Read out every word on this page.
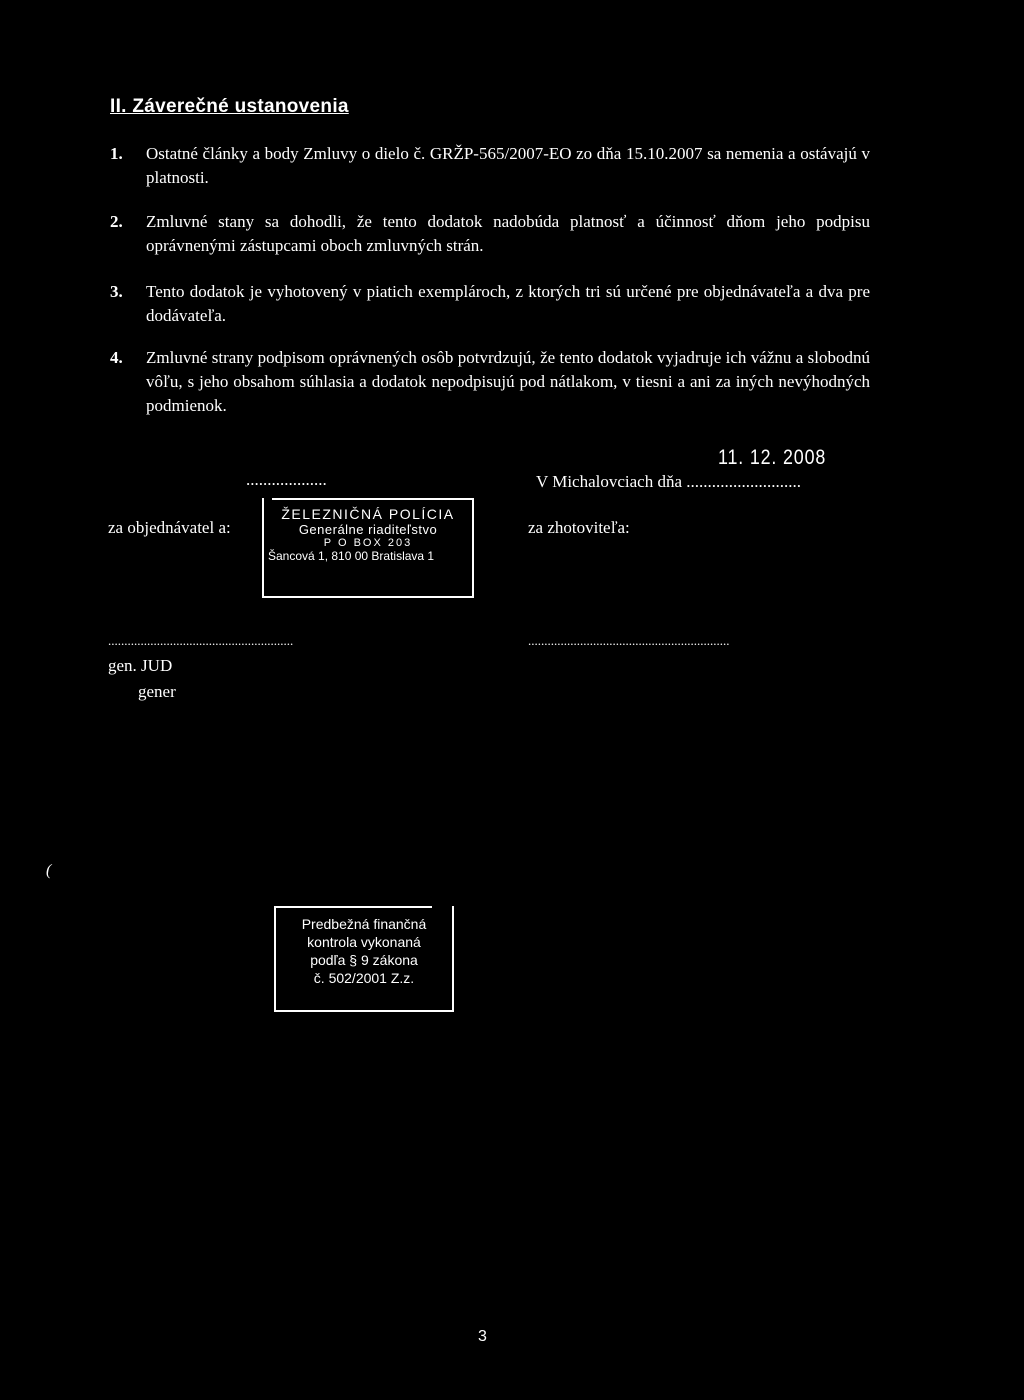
II. Záverečné ustanovenia
1. Ostatné články a body Zmluvy o dielo č. GRŽP-565/2007-EO zo dňa 15.10.2007 sa nemenia a ostávajú v platnosti.
2. Zmluvné stany sa dohodli, že tento dodatok nadobúda platnosť a účinnosť dňom jeho podpisu oprávnenými zástupcami oboch zmluvných strán.
3. Tento dodatok je vyhotovený v piatich exemplároch, z ktorých tri sú určené pre objednávateľa a dva pre dodávateľa.
4. Zmluvné strany podpisom oprávnených osôb potvrdzujú, že tento dodatok vyjadruje ich vážnu a slobodnú vôľu, s jeho obsahom súhlasia a dodatok nepodpisujú pod nátlakom, v tiesni a ani za iných nevýhodných podmienok.
11. 12. 2008
...................	V Michalovciach dňa ...........................
za objednávatel a:	za zhotoviteľa:
ŽELEZNIČNÁ POLÍCIA
Generálne riaditeľstvo
P O BOX 203
Šancová 1, 810 00 Bratislava 1
.........................................................	..............................................................
gen. JUD
gener
(
Predbežná finančná
kontrola vykonaná
podľa § 9 zákona
č. 502/2001 Z.z.
3
